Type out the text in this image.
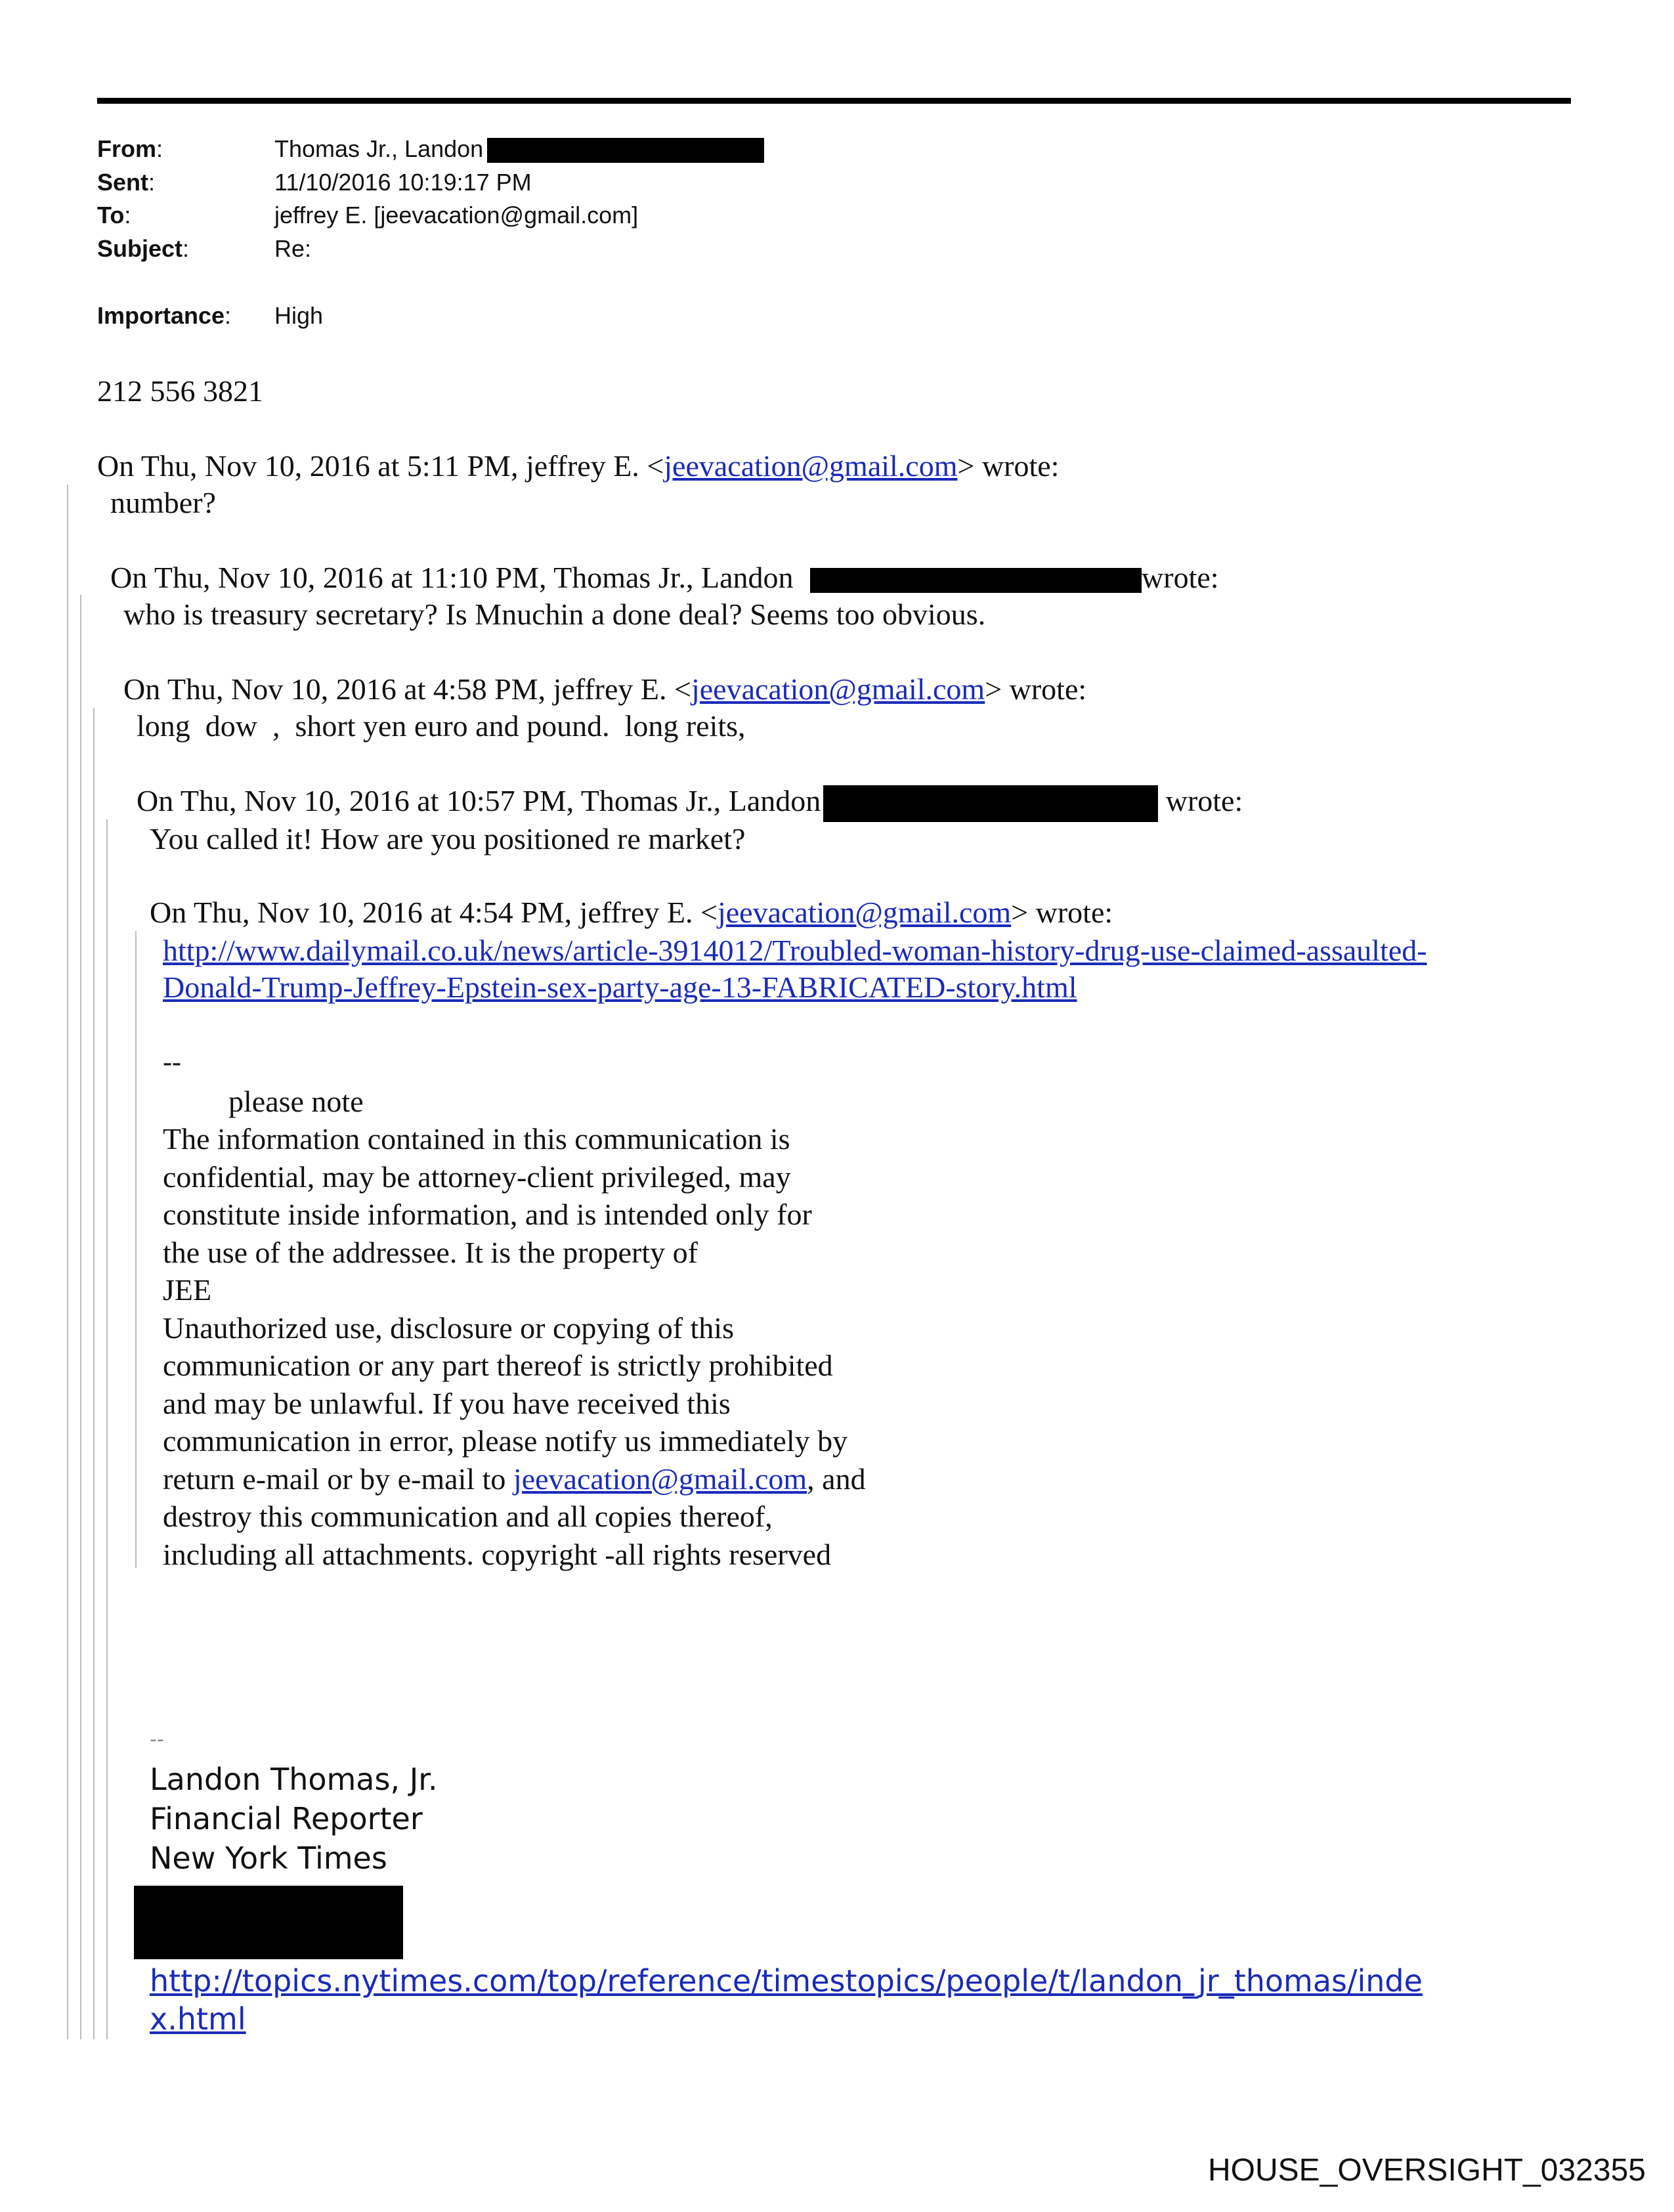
From:	Thomas Jr., Landon
Sent:	11/10/2016 10:19:17 PM
To:	jeffrey E. [jeevacation@gmail.com]
Subject:	Re:
Importance: High
212 556 3821
On Thu, Nov 10, 2016 at 5:11 PM, jeffrey E. <jeevacation@gmail.com> wrote:
number?
On Thu, Nov 10, 2016 at 11:10 PM, Thomas Jr., Landon	wrote:
who is treasury secretary? Is Mnuchin a done deal? Seems too obvious.
On Thu, Nov 10, 2016 at 4:58 PM, jeffrey E. <jeevacation@gmail.com> wrote:
long  dow  ,  short yen euro and pound.  long reits,
On Thu, Nov 10, 2016 at 10:57 PM, Thomas Jr., Landon	wrote:
You called it! How are you positioned re market?
On Thu, Nov 10, 2016 at 4:54 PM, jeffrey E. <jeevacation@gmail.com> wrote:
http://www.dailymail.co.uk/news/article-3914012/Troubled-woman-history-drug-use-claimed-assaulted-
Donald-Trump-Jeffrey-Epstein-sex-party-age-13-FABRICATED-story.html
--
please note
The information contained in this communication is
confidential, may be attorney-client privileged, may
constitute inside information, and is intended only for
the use of the addressee. It is the property of
JEE
Unauthorized use, disclosure or copying of this
communication or any part thereof is strictly prohibited
and may be unlawful. If you have received this
communication in error, please notify us immediately by
return e-mail or by e-mail to jeevacation@gmail.com, and
destroy this communication and all copies thereof,
including all attachments. copyright -all rights reserved
--
Landon Thomas, Jr.
Financial Reporter
New York Times
http://topics.nytimes.com/top/reference/timestopics/people/t/landon_jr_thomas/inde
x.html
HOUSE_OVERSIGHT_032355
